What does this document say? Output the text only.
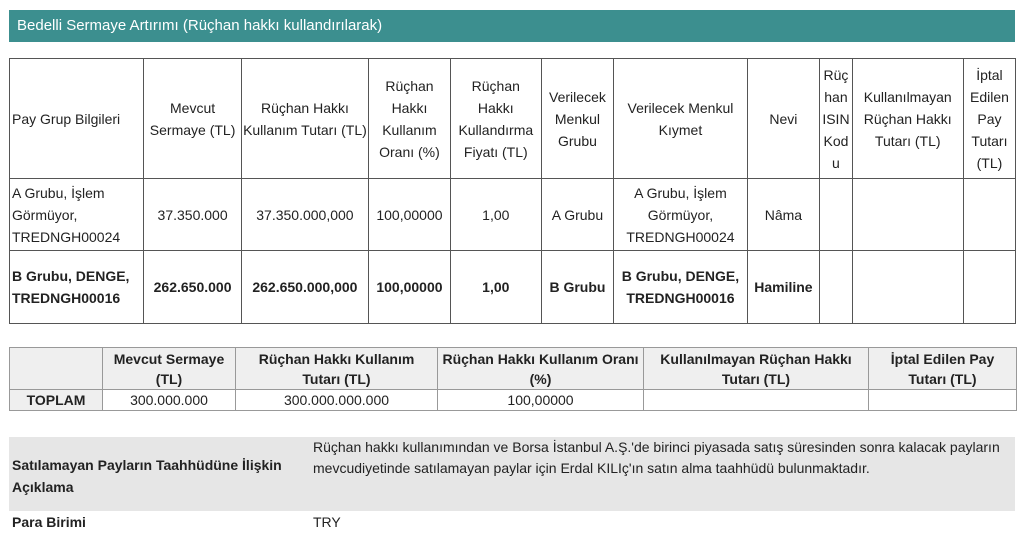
Bedelli Sermaye Artırımı (Rüçhan hakkı kullandırılarak)
Pay Grup Bilgileri	Mevcut Sermaye (TL)	Rüçhan Hakkı Kullanım Tutarı (TL)	Rüçhan Hakkı Kullanım Oranı (%)	Rüçhan Hakkı Kullandırma Fiyatı (TL)	Verilecek Menkul Grubu	Verilecek Menkul Kıymet	Nevi	Rüçhan ISIN Kodu	Kullanılmayan Rüçhan Hakkı Tutarı (TL)	İptal Edilen Pay Tutarı (TL)
A Grubu, İşlem Görmüyor, TREDNGH00024	37.350.000	37.350.000,000	100,00000	1,00	A Grubu	A Grubu, İşlem Görmüyor, TREDNGH00024	Nâma			
B Grubu, DENGE, TREDNGH00016	262.650.000	262.650.000,000	100,00000	1,00	B Grubu	B Grubu, DENGE, TREDNGH00016	Hamiline			
	Mevcut Sermaye (TL)	Rüçhan Hakkı Kullanım Tutarı (TL)	Rüçhan Hakkı Kullanım Oranı (%)	Kullanılmayan Rüçhan Hakkı Tutarı (TL)	İptal Edilen Pay Tutarı (TL)
TOPLAM	300.000.000	300.000.000.000	100,00000		
Satılamayan Payların Taahhüdüne İlişkin Açıklama
Rüçhan hakkı kullanımından ve Borsa İstanbul A.Ş.'de birinci piyasada satış süresinden sonra kalacak payların mevcudiyetinde satılamayan paylar için Erdal KILIç'ın satın alma taahhüdü bulunmaktadır.
Para Birimi	TRY
